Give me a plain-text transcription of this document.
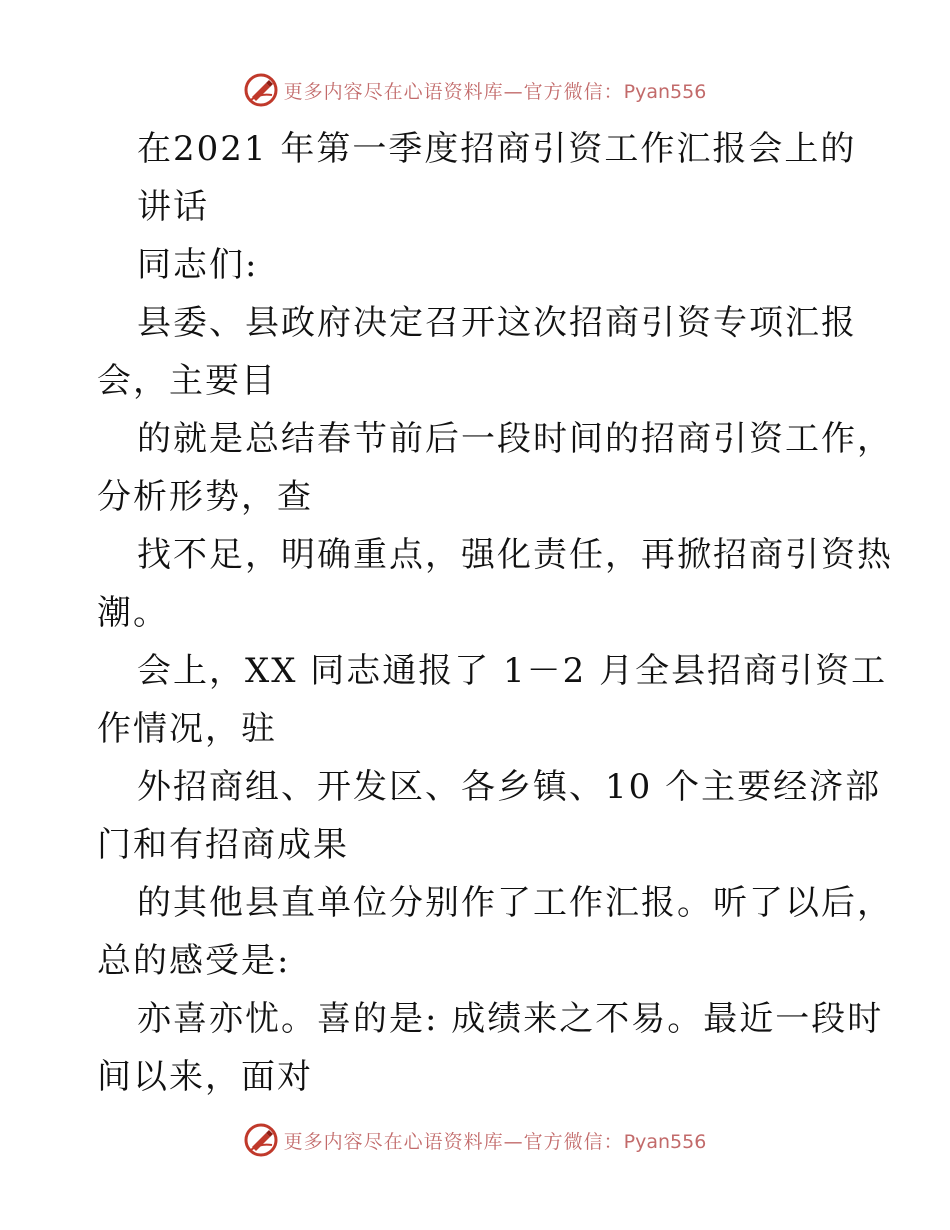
更多内容尽在心语资料库—官方微信：Pyan556
在2021 年第一季度招商引资工作汇报会上的
讲话
同志们:
县委、县政府决定召开这次招商引资专项汇报
会，主要目
的就是总结春节前后一段时间的招商引资工作，
分析形势，查
找不足，明确重点，强化责任，再掀招商引资热
潮。
会上，XX 同志通报了 1－2 月全县招商引资工
作情况，驻
外招商组、开发区、各乡镇、10 个主要经济部
门和有招商成果
的其他县直单位分别作了工作汇报。听了以后，
总的感受是:
亦喜亦忧。喜的是: 成绩来之不易。最近一段时
间以来，面对
更多内容尽在心语资料库—官方微信：Pyan556
